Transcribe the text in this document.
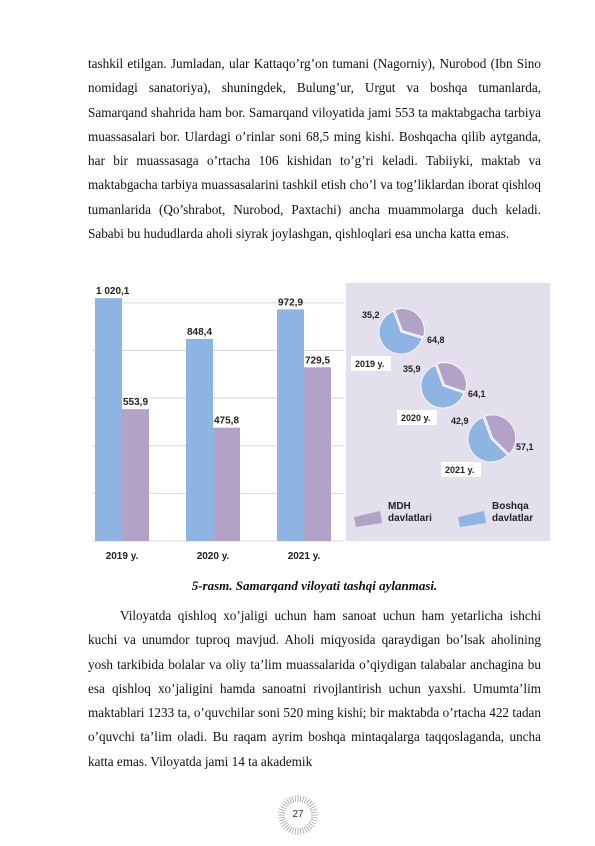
tashkil etilgan. Jumladan, ular Kattaqo’rg’on tumani (Nagorniy), Nurobod (Ibn Sino nomidagi sanatoriya), shuningdek, Bulung’ur, Urgut va boshqa tumanlarda, Samarqand shahrida ham bor. Samarqand viloyatida jami 553 ta maktabgacha tarbiya muassasalari bor. Ulardagi o’rinlar soni 68,5 ming kishi. Boshqacha qilib aytganda, har bir muassasaga o’rtacha 106 kishidan to’g’ri keladi. Tabiiyki, maktab va maktabgacha tarbiya muassasalarini tashkil etish cho’l va tog’liklardan iborat qishloq tumanlarida (Qo’shrabot, Nurobod, Paxtachi) ancha muammolarga duch keladi. Sababi bu hududlarda aholi siyrak joylashgan, qishloqlari esa uncha katta emas.
1 020,1
553,9
848,4
475,8
972,9
729,5
2019 y.	2020 y.	2021 y.
35,2
64,8
2019 y. 35,9
64,1
2020 y. 42,9
57,1
2021 y.
MDH davlatlari
Boshqa davlatlar
5-rasm. Samarqand viloyati tashqi aylanmasi.
Viloyatda qishloq xo’jaligi uchun ham sanoat uchun ham yetarlicha ishchi kuchi va unumdor tuproq mavjud. Aholi miqyosida qaraydigan bo’lsak aholining yosh tarkibida bolalar va oliy ta’lim muassalarida o’qiydigan talabalar anchagina bu esa qishloq xo’jaligini hamda sanoatni rivojlantirish uchun yaxshi. Umumta’lim maktablari 1233 ta, o’quvchilar soni 520 ming kishi; bir maktabda o’rtacha 422 tadan o’quvchi ta’lim oladi. Bu raqam ayrim boshqa mintaqalarga taqqoslaganda, uncha katta emas. Viloyatda jami 14 ta akademik
27
